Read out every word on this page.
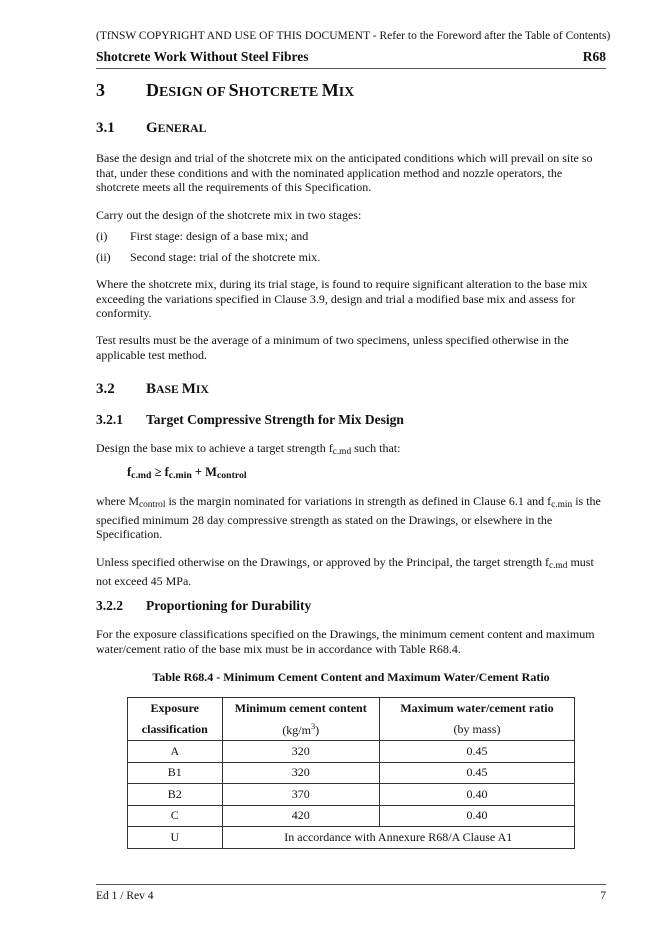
(TfNSW COPYRIGHT AND USE OF THIS DOCUMENT - Refer to the Foreword after the Table of Contents)
Shotcrete Work Without Steel Fibres	R68
3 DESIGN OF SHOTCRETE MIX
3.1 GENERAL
Base the design and trial of the shotcrete mix on the anticipated conditions which will prevail on site so that, under these conditions and with the nominated application method and nozzle operators, the shotcrete meets all the requirements of this Specification.
Carry out the design of the shotcrete mix in two stages:
(i) First stage: design of a base mix; and
(ii) Second stage: trial of the shotcrete mix.
Where the shotcrete mix, during its trial stage, is found to require significant alteration to the base mix exceeding the variations specified in Clause 3.9, design and trial a modified base mix and assess for conformity.
Test results must be the average of a minimum of two specimens, unless specified otherwise in the applicable test method.
3.2 BASE MIX
3.2.1 Target Compressive Strength for Mix Design
Design the base mix to achieve a target strength $f_{c.md}$ such that:
$f_{c.md} \ge f_{c.min} + M_{control}$
where $M_{control}$ is the margin nominated for variations in strength as defined in Clause 6.1 and $f_{c.min}$ is the specified minimum 28 day compressive strength as stated on the Drawings, or elsewhere in the Specification.
Unless specified otherwise on the Drawings, or approved by the Principal, the target strength $f_{c.md}$ must not exceed 45 MPa.
3.2.2 Proportioning for Durability
For the exposure classifications specified on the Drawings, the minimum cement content and maximum water/cement ratio of the base mix must be in accordance with Table R68.4.
Table R68.4 - Minimum Cement Content and Maximum Water/Cement Ratio
Exposure	Minimum cement content	Maximum water/cement ratio
classification	$(kg/m^3)$	(by mass)
A	320	0.45
B1	320	0.45
B2	370	0.40
C	420	0.40
U	In accordance with Annexure R68/A Clause A1	
Ed 1 / Rev 4	7
